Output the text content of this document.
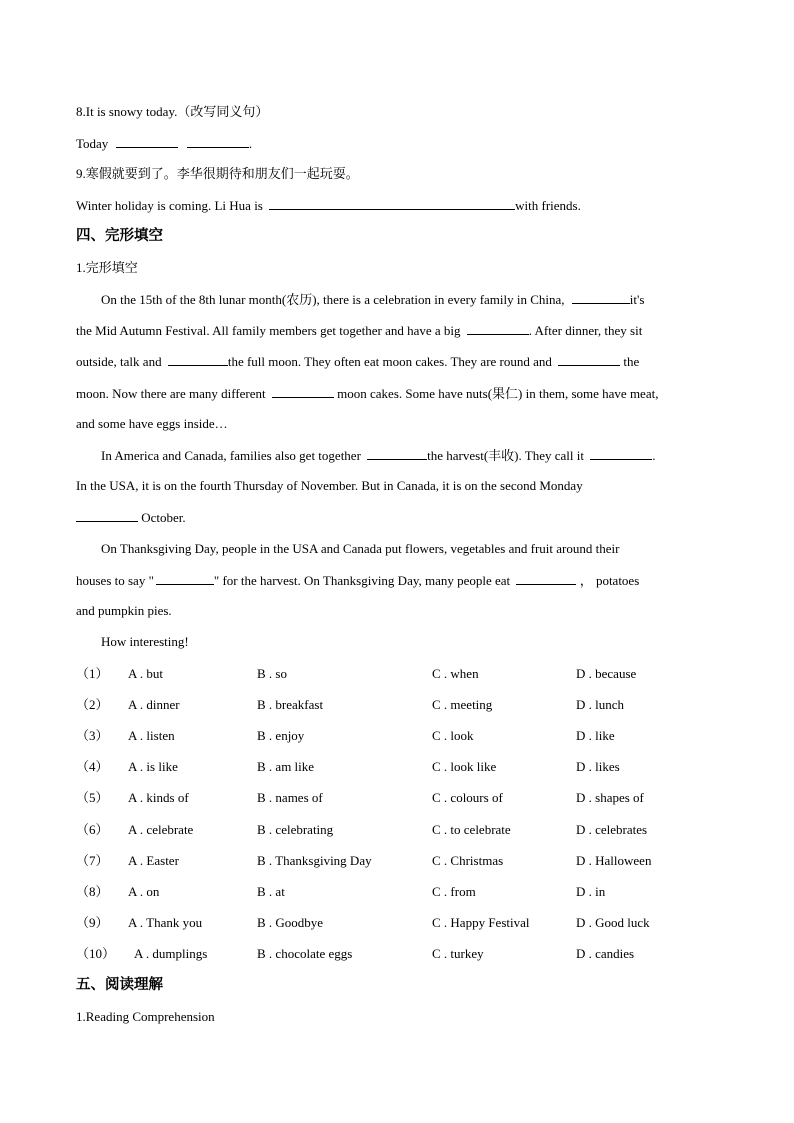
8.It is snowy today.（改写同义句）
Today	.
9.寒假就要到了。李华很期待和朋友们一起玩耍。
Winter holiday is coming. Li Hua is	with friends.
四、完形填空
1.完形填空
On the 15th of the 8th lunar month(农历), there is a celebration in every family in China,	it's
the Mid Autumn Festival. All family members get together and have a big	. After dinner, they sit
outside, talk and	the full moon. They often eat moon cakes. They are round and	the
moon. Now there are many different	moon cakes. Some have nuts(果仁) in them, some have meat,
and some have eggs inside…
In America and Canada, families also get together	the harvest(丰收). They call it	.
In the USA, it is on the fourth Thursday of November. But in Canada, it is on the second Monday
October.
On Thanksgiving Day, people in the USA and Canada put flowers, vegetables and fruit around their
houses to say "	" for the harvest. On Thanksgiving Day, many people eat	， potatoes
and pumpkin pies.
How interesting!
（1） A . but	B . so	C . when	D . because
（2） A . dinner	B . breakfast	C . meeting	D . lunch
（3） A . listen	B . enjoy	C . look	D . like
（4） A . is like	B . am like	C . look like	D . likes
（5） A . kinds of	B . names of	C . colours of	D . shapes of
（6） A . celebrate	B . celebrating	C . to celebrate	D . celebrates
（7） A . Easter	B . Thanksgiving Day	C . Christmas	D . Halloween
（8） A . on	B . at	C . from	D . in
（9） A . Thank you	B . Goodbye	C . Happy Festival	D . Good luck
（10） A . dumplings	B . chocolate eggs	C . turkey	D . candies
五、阅读理解
1.Reading Comprehension
